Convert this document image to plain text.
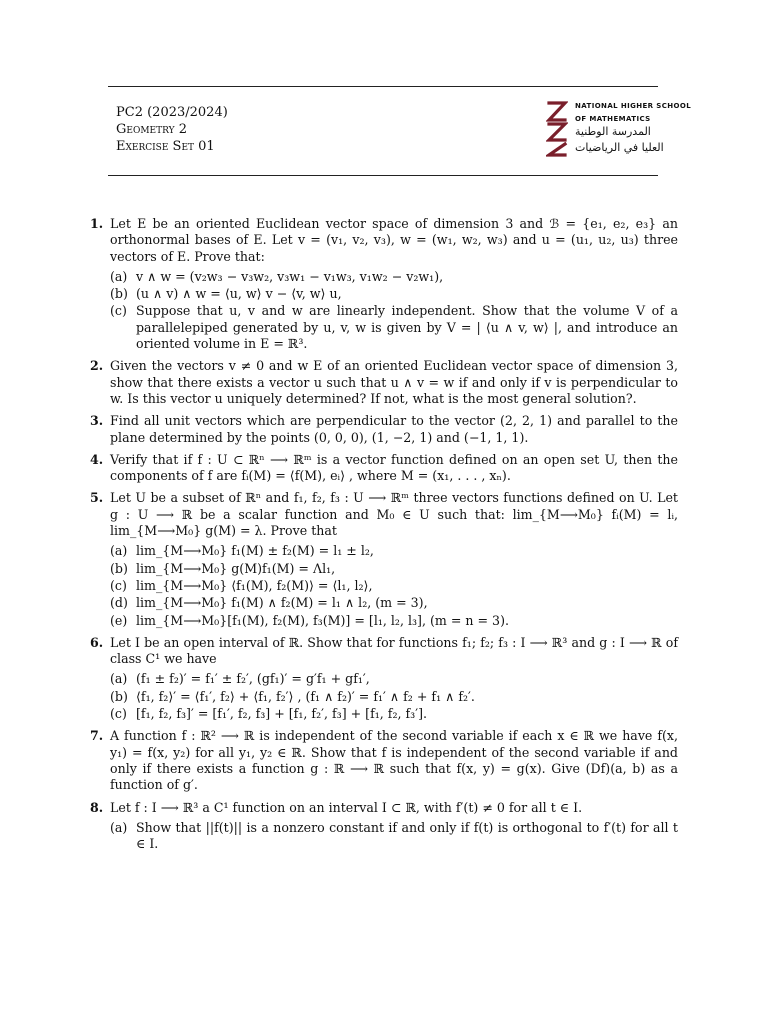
PC2 (2023/2024)
Geometry 2
Exercise Set 01
NATIONAL HIGHER SCHOOL
OF MATHEMATICS
المدرسة الوطنية
العليا في الرياضيات
1. Let E be an oriented Euclidean vector space of dimension 3 and ℬ = {e₁, e₂, e₃} an orthonormal bases of E. Let v = (v₁, v₂, v₃), w = (w₁, w₂, w₃) and u = (u₁, u₂, u₃) three vectors of E. Prove that:
(a) v ∧ w = (v₂w₃ − v₃w₂, v₃w₁ − v₁w₃, v₁w₂ − v₂w₁),
(b) (u ∧ v) ∧ w = ⟨u, w⟩ v − ⟨v, w⟩ u,
(c) Suppose that u, v and w are linearly independent. Show that the volume V of a parallelepiped generated by u, v, w is given by V = | ⟨u ∧ v, w⟩ |, and introduce an oriented volume in E = ℝ³.
2. Given the vectors v ≠ 0 and w E of an oriented Euclidean vector space of dimension 3, show that there exists a vector u such that u ∧ v = w if and only if v is perpendicular to w. Is this vector u uniquely determined? If not, what is the most general solution?.
3. Find all unit vectors which are perpendicular to the vector (2, 2, 1) and parallel to the plane determined by the points (0, 0, 0), (1, −2, 1) and (−1, 1, 1).
4. Verify that if f : U ⊂ ℝⁿ ⟶ ℝᵐ is a vector function defined on an open set U, then the components of f are fᵢ(M) = ⟨f(M), eᵢ⟩ , where M = (x₁, . . . , xₙ).
5. Let U be a subset of ℝⁿ and f₁, f₂, f₃ : U ⟶ ℝᵐ three vectors functions defined on U. Let g : U ⟶ ℝ be a scalar function and M₀ ∈ U such that: lim_{M⟶M₀} fᵢ(M) = lᵢ, lim_{M⟶M₀} g(M) = λ. Prove that
(a) lim_{M⟶M₀} f₁(M) ± f₂(M) = l₁ ± l₂,
(b) lim_{M⟶M₀} g(M)f₁(M) = Λl₁,
(c) lim_{M⟶M₀} ⟨f₁(M), f₂(M)⟩ = ⟨l₁, l₂⟩,
(d) lim_{M⟶M₀} f₁(M) ∧ f₂(M) = l₁ ∧ l₂, (m = 3),
(e) lim_{M⟶M₀}[f₁(M), f₂(M), f₃(M)] = [l₁, l₂, l₃], (m = n = 3).
6. Let I be an open interval of ℝ. Show that for functions f₁; f₂; f₃ : I ⟶ ℝ³ and g : I ⟶ ℝ of class C¹ we have
(a) (f₁ ± f₂)′ = f₁′ ± f₂′, (gf₁)′ = g′f₁ + gf₁′,
(b) ⟨f₁, f₂⟩′ = ⟨f₁′, f₂⟩ + ⟨f₁, f₂′⟩ , (f₁ ∧ f₂)′ = f₁′ ∧ f₂ + f₁ ∧ f₂′.
(c) [f₁, f₂, f₃]′ = [f₁′, f₂, f₃] + [f₁, f₂′, f₃] + [f₁, f₂, f₃′].
7. A function f : ℝ² ⟶ ℝ is independent of the second variable if each x ∈ ℝ we have f(x, y₁) = f(x, y₂) for all y₁, y₂ ∈ ℝ. Show that f is independent of the second variable if and only if there exists a function g : ℝ ⟶ ℝ such that f(x, y) = g(x). Give (Df)(a, b) as a function of g′.
8. Let f : I ⟶ ℝ³ a C¹ function on an interval I ⊂ ℝ, with f′(t) ≠ 0 for all t ∈ I.
(a) Show that ||f(t)|| is a nonzero constant if and only if f(t) is orthogonal to f′(t) for all t ∈ I.
